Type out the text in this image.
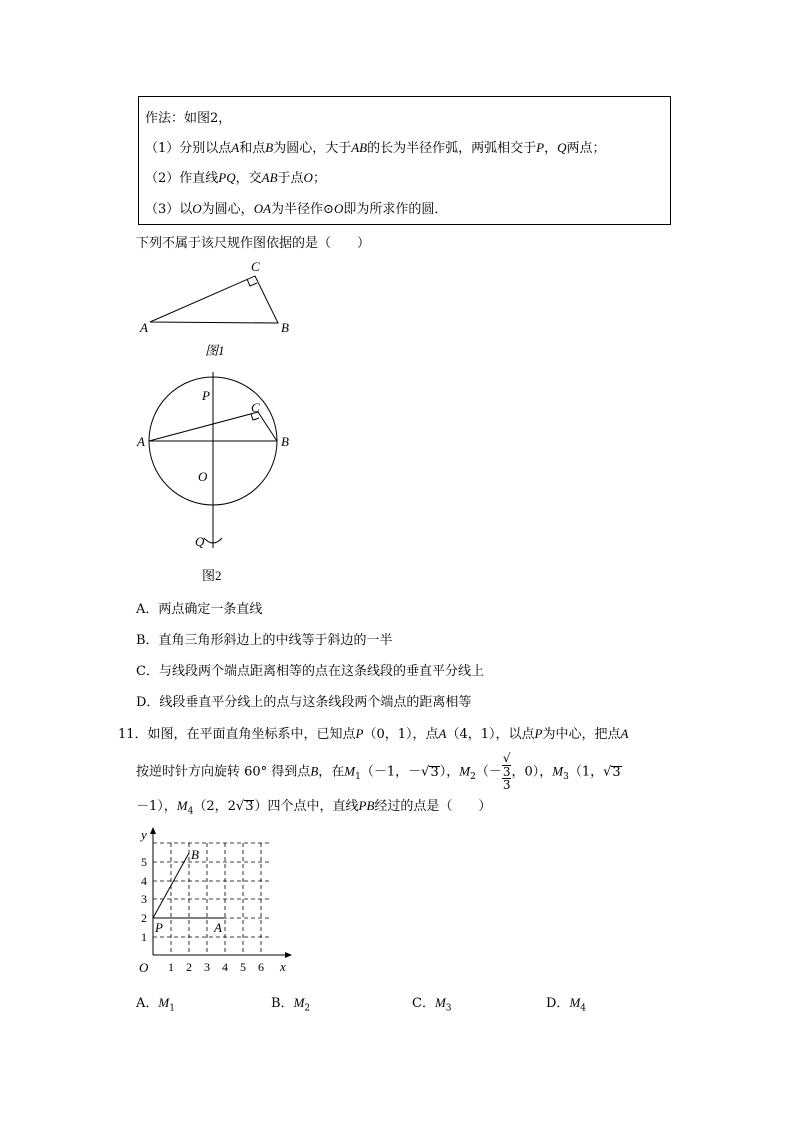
作法：如图2，
（1）分别以点A和点B为圆心，大于AB的长为半径作弧，两弧相交于P，Q两点；
（2）作直线PQ，交AB于点O；
（3）以O为圆心，OA为半径作⊙O即为所求作的圆．
下列不属于该尺规作图依据的是（　　）
A	B
C
图1
P
C
A	B
O
Q
图2
A．两点确定一条直线
B．直角三角形斜边上的中线等于斜边的一半
C．与线段两个端点距离相等的点在这条线段的垂直平分线上
D．线段垂直平分线上的点与这条线段两个端点的距离相等
11．如图，在平面直角坐标系中，已知点P（0，1），点A（4，1），以点P为中心，把点A
按逆时针方向旋转 60° 得到点B，在$M_1(-1$，－√3），$M_2(-$ √
3
3 ，0），$M_3(1$，√3
－1），$M_4(2$，2√3）四个点中，直线PB经过的点是（　　）
y
x
O 1 2 3 4 5 6
1
2
3
4
5
P	A
B
A．$M_1$	B．$M_2$	C．$M_3$	D．$M_4$
